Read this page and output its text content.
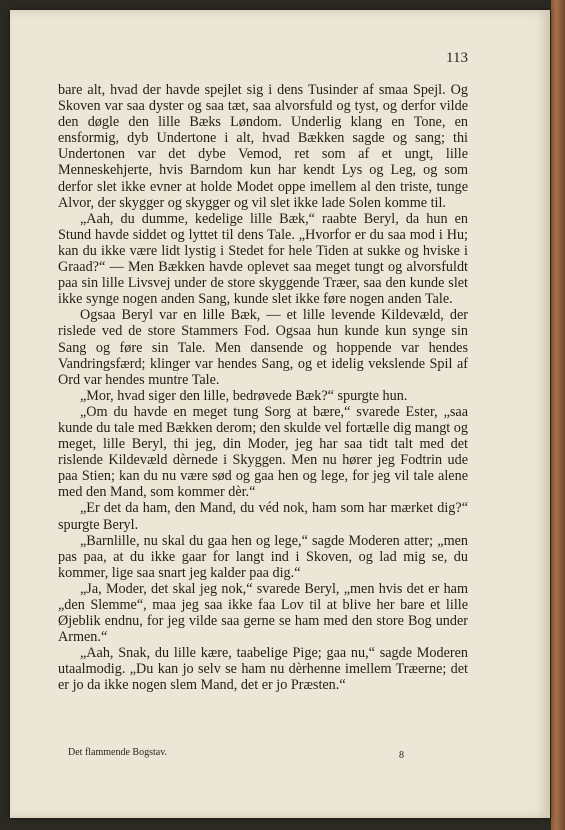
113

bare alt, hvad der havde spejlet sig i dens Tusinder af smaa Spejl. Og Skoven var saa dyster og saa tæt, saa alvorsfuld og tyst, og derfor vilde den døgle den lille Bæks Løndom. Underlig klang en Tone, en ensformig, dyb Undertone i alt, hvad Bækken sagde og sang; thi Undertonen var det dybe Vemod, ret som af et ungt, lille Menneskehjerte, hvis Barndom kun har kendt Lys og Leg, og som derfor slet ikke evner at holde Modet oppe imellem al den triste, tunge Alvor, der skygger og skygger og vil slet ikke lade Solen komme til.

„Aah, du dumme, kedelige lille Bæk,“ raabte Beryl, da hun en Stund havde siddet og lyttet til dens Tale. „Hvorfor er du saa mod i Hu; kan du ikke være lidt lystig i Stedet for hele Tiden at sukke og hviske i Graad?“ — Men Bækken havde oplevet saa meget tungt og alvorsfuldt paa sin lille Livsvej under de store skyggende Træer, saa den kunde slet ikke synge nogen anden Sang, kunde slet ikke føre nogen anden Tale.

Ogsaa Beryl var en lille Bæk, — et lille levende Kildevæld, der rislede ved de store Stammers Fod. Ogsaa hun kunde kun synge sin Sang og føre sin Tale. Men dansende og hoppende var hendes Vandringsfærd; klinger var hendes Sang, og et idelig vekslende Spil af Ord var hendes muntre Tale.

„Mor, hvad siger den lille, bedrøvede Bæk?“ spurgte hun.

„Om du havde en meget tung Sorg at bære,“ svarede Ester, „saa kunde du tale med Bækken derom; den skulde vel fortælle dig mangt og meget, lille Beryl, thi jeg, din Moder, jeg har saa tidt talt med det rislende Kildevæld dèrnede i Skyggen. Men nu hører jeg Fodtrin ude paa Stien; kan du nu være sød og gaa hen og lege, for jeg vil tale alene med den Mand, som kommer dèr.“

„Er det da ham, den Mand, du véd nok, ham som har mærket dig?“ spurgte Beryl.

„Barnlille, nu skal du gaa hen og lege,“ sagde Moderen atter; „men pas paa, at du ikke gaar for langt ind i Skoven, og lad mig se, du kommer, lige saa snart jeg kalder paa dig.“

„Ja, Moder, det skal jeg nok,“ svarede Beryl, „men hvis det er ham „den Slemme“, maa jeg saa ikke faa Lov til at blive her bare et lille Øjeblik endnu, for jeg vilde saa gerne se ham med den store Bog under Armen.“

„Aah, Snak, du lille kære, taabelige Pige; gaa nu,“ sagde Moderen utaalmodig. „Du kan jo selv se ham nu dèrhenne imellem Træerne; det er jo da ikke nogen slem Mand, det er jo Præsten.“

Det flammende Bogstav.	8
